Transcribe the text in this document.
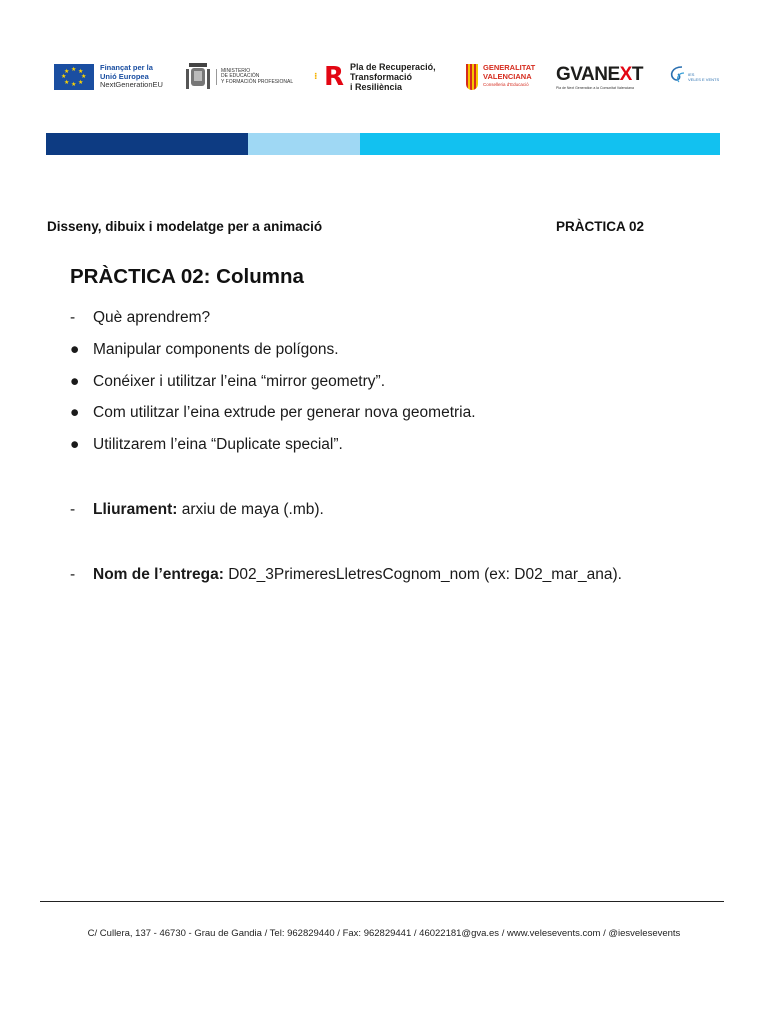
★ ★
★
★
★
★
★
★	Finançat per la
Unió Europea
NextGenerationEU
MINISTERIO
DE EDUCACIÓN
Y FORMACIÓN PROFESIONAL ⁝ R Pla de Recuperació,
Transformació
i Resiliència
GENERALITAT
VALENCIANA
Conselleria d'Educació	GVANEXT
Pla de Next Generation a la Comunitat Valenciana
IES
VELES E VENTS
Disseny, dibuix i modelatge per a animació	PRÀCTICA 02
PRÀCTICA 02: Columna
-	Què aprendrem?
● Manipular components de polígons.
● Conéixer i utilitzar l’eina “mirror geometry”.
● Com utilitzar l’eina extrude per generar nova geometria.
● Utilitzarem l’eina “Duplicate special”.
-	Lliurament:
arxiu de maya (.mb).
-	Nom de l’entrega:
D02_3PrimeresLletresCognom_nom (ex: D02_mar_ana).
C/ Cullera, 137 - 46730 - Grau de Gandia / Tel: 962829440 / Fax: 962829441 / 46022181@gva.es / www.velesevents.com / @iesvelesevents
